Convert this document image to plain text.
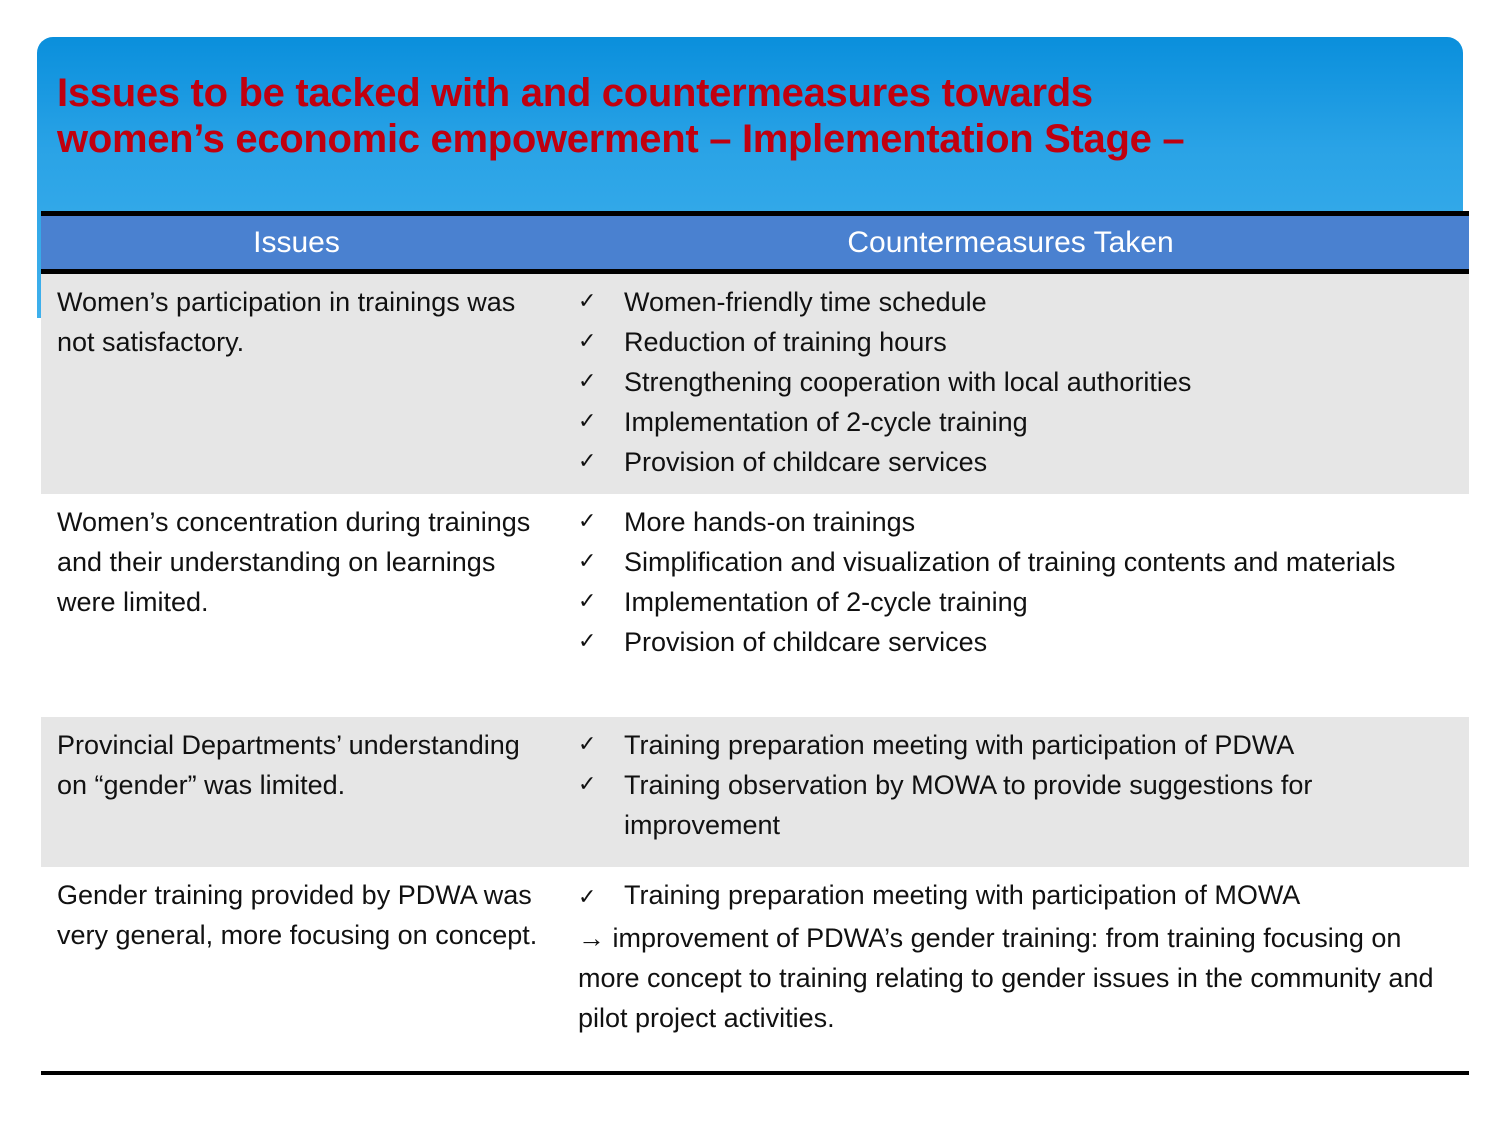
Issues to be tacked with and countermeasures towards
women’s economic empowerment – Implementation Stage –
Issues	Countermeasures Taken
Women’s participation in trainings was not satisfactory.
✓	Women-friendly time schedule
✓	Reduction of training hours
✓	Strengthening cooperation with local authorities
✓	Implementation of 2-cycle training
✓	Provision of childcare services
Women’s concentration during trainings and their understanding on learnings were limited.
✓	More hands-on trainings
✓	Simplification and visualization of training contents and materials
✓	Implementation of 2-cycle training
✓	Provision of childcare services
Provincial Departments’ understanding on “gender” was limited.
✓	Training preparation meeting with participation of PDWA
✓	Training observation by MOWA to provide suggestions for improvement
Gender training provided by PDWA was very general, more focusing on concept.
✓ Training preparation meeting with participation of MOWA
→ improvement of PDWA’s gender training: from training focusing on more concept to training relating to gender issues in the community and pilot project activities.
